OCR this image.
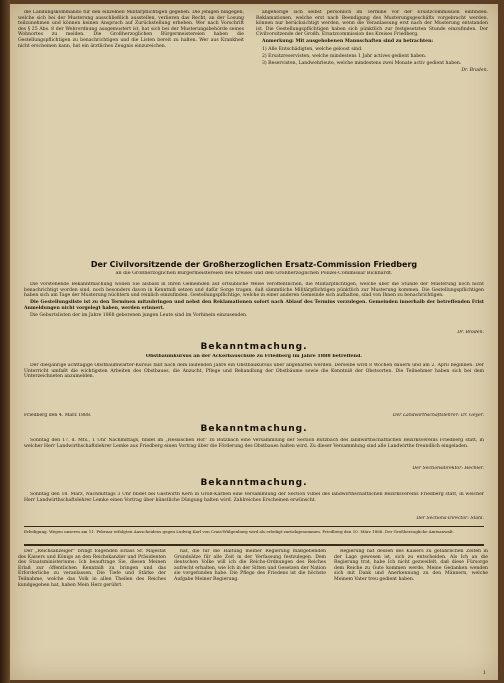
die Landungskommando für den einzelnen Militärpflichtigen gegeben. Die jenigen hingegen, welche sich bei der Musterung ausschließlich ausstellen, verlieren das Recht, an der Losung teilzunehmen und können keinen Anspruch auf Zurückstellung erheben. Wer nach Vorschrift des § 25 Abs. 8 der Wehrordnung ausgemustert ist, hat sich bei der Musterungsbehörde seines Wohnortes zu melden. Die Großherzoglichen Bürgermeistereien haben die Gestellungspflichtigen zu benachrichtigen und die Listen bereit zu halten. Wer aus Krankheit nicht erscheinen kann, hat ein ärztliches Zeugnis einzureichen.

angehörige sich selbst persönlich im Termine vor der Ersatzcommission einfinden. Reklamationen, welche erst nach Beendigung des Musterungsgeschäfts vorgebracht werden, können nur berücksichtigt werden, wenn die Veranlassung erst nach der Musterung entstanden ist. Die Gestellungspflichtigen haben sich pünktlich zur festgesetzten Stunde einzufinden. Der Civilvorsitzende der Großh. Ersatzcommission des Kreises Friedberg.

Anmerkung: Mit ausgehobenen Mannschaften sind zu betrachten:

1) Alle Entschädigten, welche geloost sind.

2) Ersatzreservisten, welche mindestens 1 Jahr actives gedient haben.

3) Reservisten, Landwehrleute, welche mindestens zwei Monate activ gedient haben.

Dr. Braden.

Der Civilvorsitzende der Großherzoglichen Ersatz-Commission Friedberg
an die Großherzoglichen Bürgermeistereien des Kreises und den Großherzoglichen Polizei-Commissär Bickhardt.

Die vorstehende Bekanntmachung wollen Sie alsbald in Ihren Gemeinden auf ortsübliche Weise veröffentlichen, die Militärpflichtigen, welche über die Stunde der Musterung noch nicht benachrichtigt worden sind, noch besonders davon in Kenntniß setzen und dafür Sorge tragen, daß sämmtliche Militärpflichtigen pünktlich zur Musterung kommen. Die Gestellungspflichtigen haben sich am Tage der Musterung nüchtern und reinlich einzufinden. Gestellungspflichtige, welche in einer anderen Gemeinde sich aufhalten, sind von Ihnen zu benachrichtigen.

Die Gestellungsliste ist zu den Terminen mitzubringen und nebst den Reklamationen sofort nach Ablauf des Termins vorzulegen. Gemeinden innerhalb der betreffenden Frist Anmeldungen nicht vorgelegt haben, werden erinnert.

Die Geburtslisten der im Jahre 1868 geborenen jungen Leute sind im Vorhinein einzusenden.

Dr. Braden.
Bekanntmachung.
Obstbaumkursus an der Ackerbauschule zu Friedberg im Jahre 1888 betreffend.

Der diesjährige achttägige Obstbaumwärter-Kursus fällt nach dem laufenden Jahre ein Obstbaukursus über abgehalten werden. Derselbe wird 8 Wochen dauern und am 2. April beginnen. Der Unterricht umfaßt die wichtigsten Arbeiten des Obstbaues, die Anzucht, Pflege und Behandlung der Obstbäume sowie die Kenntniß der Obstsorten. Die Teilnehmer haben sich bei dem Unterzeichneten anzumelden.

Friedberg den 4. März 1888.	Der Landwirthschaftslehrer: Dr. Geyer.
Bekanntmachung.

Sonntag den 17. d. Mts., 1 Uhr Nachmittags, findet im „Hessischen Hof“ zu Butzbach eine Versammlung der Section Butzbach des landwirthschaftlichen Bezirksvereins Friedberg statt, in welcher Herr Landwirthschaftslehrer Lemke aus Friedberg einen Vortrag über die Förderung des Obstbaues halten wird. Zu dieser Versammlung sind alle Landwirthe freundlich eingeladen.

Der Sectionsdirektor: Hechler.
Bekanntmachung.

Sonntag den 18. März, Nachmittags 3 Uhr findet bei Gastwirth Kern in Groß-Karben eine Versammlung der Section Vilbel des landwirthschaftlichen Bezirksvereins Friedberg statt, in welcher Herr Landwirthschaftslehrer Lemke einen Vortrag über künstliche Düngung halten wird. Zahlreiches Erscheinen erwünscht.

Der Sections-Director: Stahl.
Erledigung. Wegen unseres am 11. Februar erfolgten Ausscheidens gegen Ludwig Karl von Crais-Wülgenburg wird als erledigt zurückgenommen. Friedberg den 10. März 1888. Der Großherzogliche Amtsanwalt.

Der „Reichsanzeiger“ bringt folgenden Erlass Sr. Majestät des Kaisers und Königs an den Reichskanzler und Präsidenten des Staatsministeriums: Ich beauftrage Sie, diesen Meinen Erlaß zur öffentlichen Kenntniß zu bringen und das Erforderliche zu veranlassen. Die Tiefe und Stärke der Teilnahme, welche das Volk in allen Theilen des Reiches kundgegeben hat, haben Mein Herz gerührt.

hat, die für die Haltung meiner Regierung maßgebenden Grundsätze für alle Zeit in der Verfassung festzulegen. Dem deutschen Volke will ich die Reichs-Ordnungen des Reiches aufrecht erhalten, wie Ich in der Sitten und Gesetzen der Nation sie vorgefunden habe. Die Pflege des Friedens ist die höchste Aufgabe Meiner Regierung.

Regierung hat dessen des Kaisers zu gefährlichen Zeiten in der Lage gewesen ist, sich zu entscheiden. Als Ich an die Regierung trat, habe Ich nicht gezweifelt, daß diese Fürsorge dem Reiche zu Gute kommen werde. Meine Gedanken wenden sich mit Dank und Anerkennung zu den Männern, welche Meinem Vater treu gedient haben.

1
